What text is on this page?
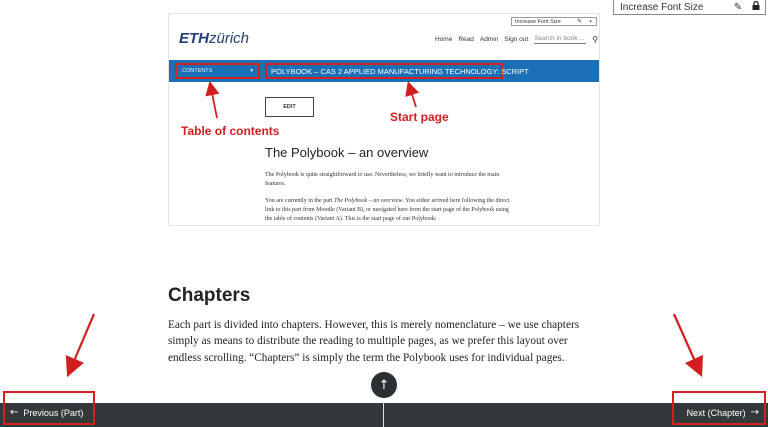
Increase Font Size	✎
Increase Font Size	✎	▪
ETHzürich	Home Read Admin Sign out Search in book ... ⚲
CONTENTS	▾	POLYBOOK – CAS 2 APPLIED MANUFACTURING TECHNOLOGY: SCRIPT
EDIT
Table of contents
Start page
The Polybook – an overview
The Polybook is quite straightforward to use. Nevertheless, we briefly want to introduce the main features.
You are currently in the part The Polybook – an overview. You either arrived here following the direct link to this part from Moodle (Variant B), or navigated here from the start page of the Polybook using the table of contents (Variant A). This is the start page of our Polybook:
Chapters

Each part is divided into chapters. However, this is merely nomenclature – we use chapters simply as means to distribute the reading to multiple pages, as we prefer this layout over endless scrolling. “Chapters” is simply the term the Polybook uses for individual pages.

↑
←
Previous (Part)	Next (Chapter)
→
